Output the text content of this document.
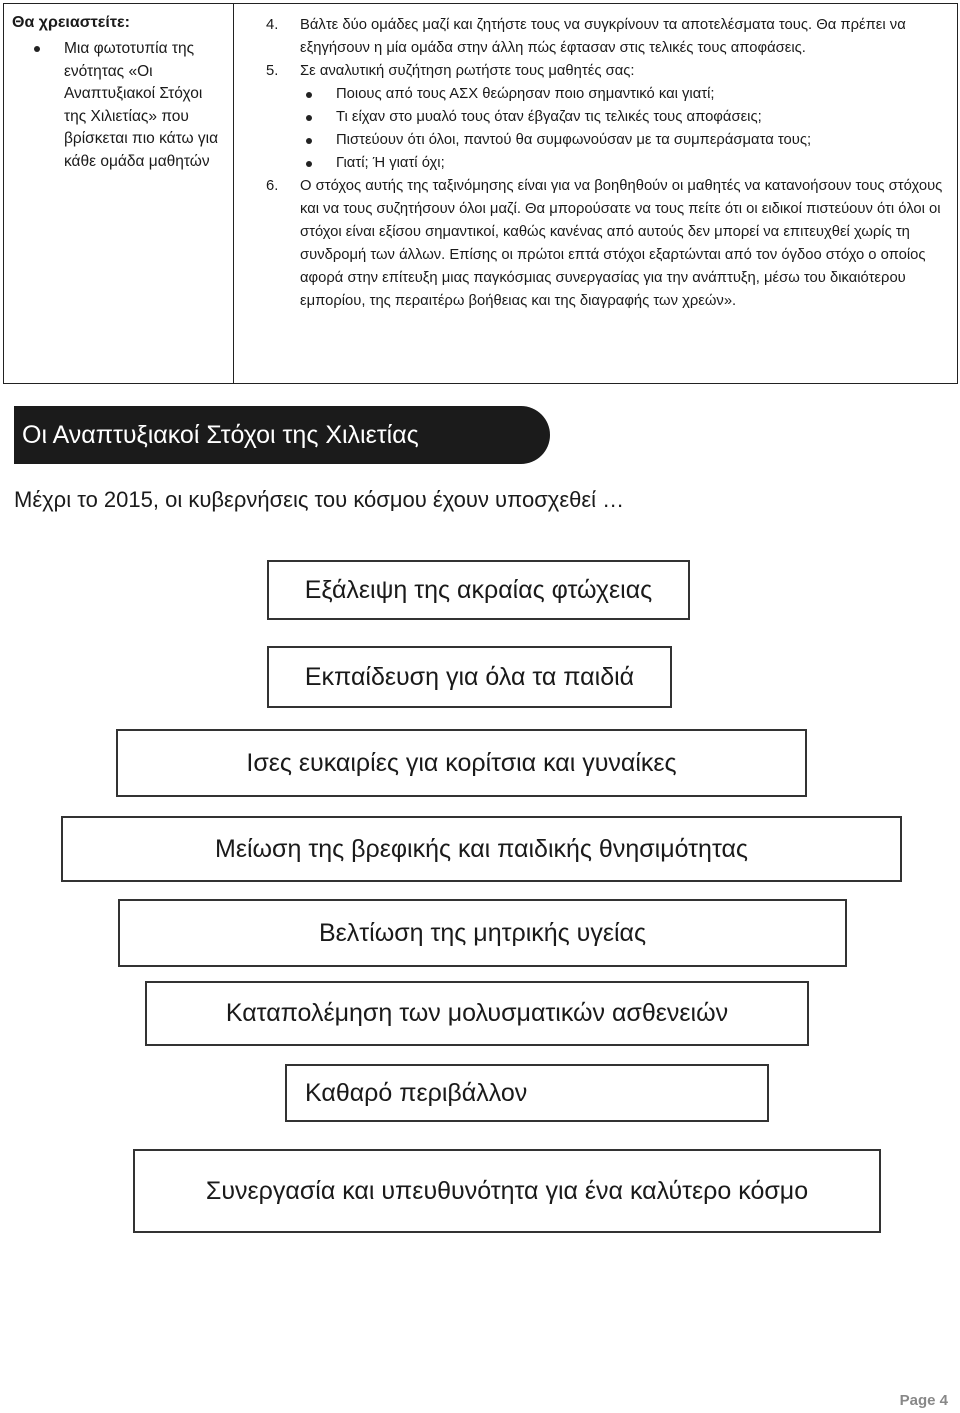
Θα χρειαστείτε:
Μια φωτοτυπία της ενότητας «Οι Αναπτυξιακοί Στόχοι της Χιλιετίας» που βρίσκεται πιο κάτω για κάθε ομάδα μαθητών
4. Βάλτε δύο ομάδες μαζί και ζητήστε τους να συγκρίνουν τα αποτελέσματα τους. Θα πρέπει να εξηγήσουν η μία ομάδα στην άλλη πώς έφτασαν στις τελικές τους αποφάσεις.
5. Σε αναλυτική συζήτηση ρωτήστε τους μαθητές σας:
Ποιους από τους ΑΣΧ θεώρησαν ποιο σημαντικό και γιατί;
Τι είχαν στο μυαλό τους όταν έβγαζαν τις τελικές τους αποφάσεις;
Πιστεύουν ότι όλοι, παντού θα συμφωνούσαν με τα συμπεράσματα τους;
Γιατί; Ή γιατί όχι;
6. Ο στόχος αυτής της ταξινόμησης είναι για να βοηθηθούν οι μαθητές να κατανοήσουν τους στόχους και να τους συζητήσουν όλοι μαζί. Θα μπορούσατε να τους πείτε ότι οι ειδικοί πιστεύουν ότι όλοι οι στόχοι είναι εξίσου σημαντικοί, καθώς κανένας από αυτούς δεν μπορεί να επιτευχθεί χωρίς τη συνδρομή των άλλων. Επίσης οι πρώτοι επτά στόχοι εξαρτώνται από τον όγδοο στόχο ο οποίος αφορά στην επίτευξη μιας παγκόσμιας συνεργασίας για την ανάπτυξη, μέσω του δικαιότερου εμπορίου, της περαιτέρω βοήθειας και της διαγραφής των χρεών».
Οι Αναπτυξιακοί Στόχοι της Χιλιετίας
Μέχρι το 2015, οι κυβερνήσεις του κόσμου έχουν υποσχεθεί …
Εξάλειψη της ακραίας φτώχειας
Εκπαίδευση για όλα τα παιδιά
Ισες ευκαιρίες για κορίτσια και γυναίκες
Μείωση της βρεφικής και παιδικής θνησιμότητας
Βελτίωση της μητρικής υγείας
Καταπολέμηση των μολυσματικών ασθενειών
Καθαρό περιβάλλον
Συνεργασία και υπευθυνότητα για ένα καλύτερο κόσμο
Page 4
